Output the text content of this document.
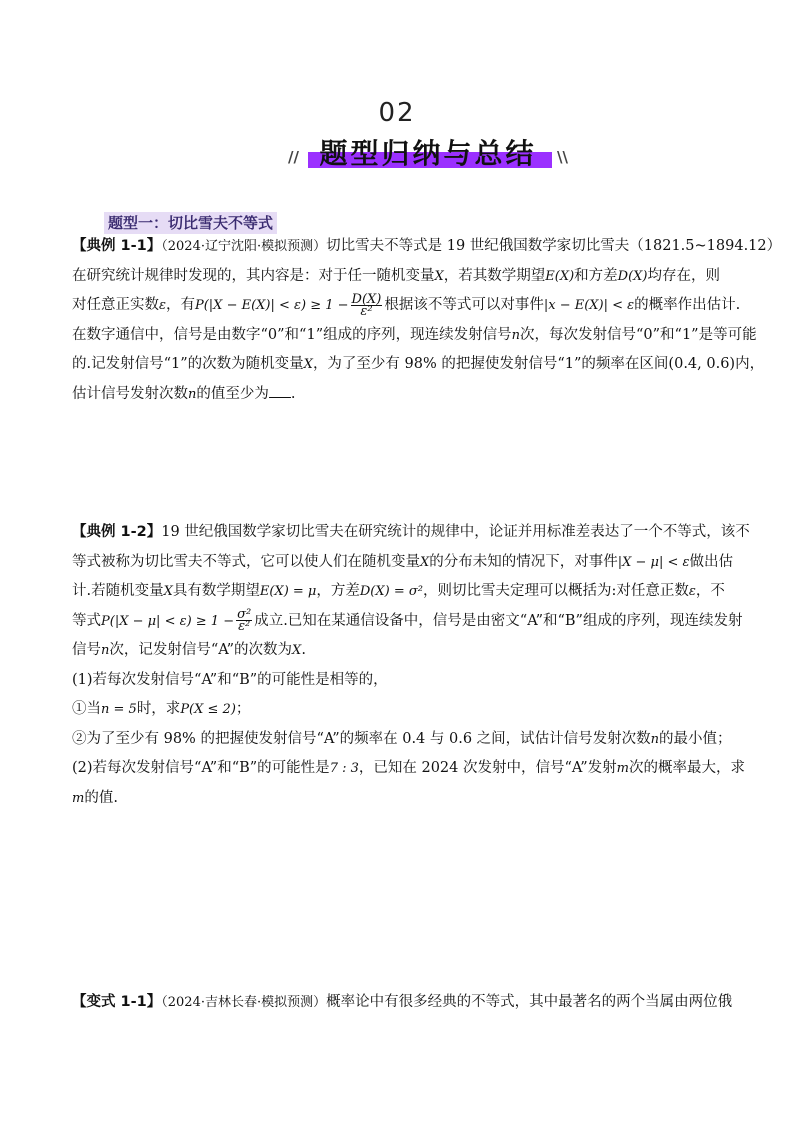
02
// 题型归纳与总结	\\
题型一：切比雪夫不等式

【典例 1-1】（2024·辽宁沈阳·模拟预测）切比雪夫不等式是 19 世纪俄国数学家切比雪夫（1821.5~1894.12）

在研究统计规律时发现的，其内容是：对于任一随机变量X，若其数学期望E(X)和方差D(X)均存在，则

对任意正实数ε，有$P(|X - E(X)| < \varepsilon) \ge 1 - \frac{D(X)}{\text{ε²}}$ 根据该不等式可以对事件|x − E(X)| < ε的概率作出估计.

在数字通信中，信号是由数字“0”和“1”组成的序列，现连续发射信号n次，每次发射信号“0”和“1”是等可能

的.记发射信号“1”的次数为随机变量X，为了至少有 98% 的把握使发射信号“1”的频率在区间(0.4, 0.6)内，

估计信号发射次数n的值至少为 .

【典例 1-2】19 世纪俄国数学家切比雪夫在研究统计的规律中，论证并用标准差表达了一个不等式，该不

等式被称为切比雪夫不等式，它可以使人们在随机变量X的分布未知的情况下，对事件|X − μ| < ε做出估

计.若随机变量X具有数学期望E(X) = μ，方差D(X) = σ²，则切比雪夫定理可以概括为:对任意正数ε，不

等式$P(|X - \mu| < \varepsilon) \ge 1 - \frac{\text{σ²}}{\text{ε²}}$ 成立.已知在某通信设备中，信号是由密文“A”和“B”组成的序列，现连续发射

信号n次，记发射信号“A”的次数为X.

(1)若每次发射信号“A”和“B”的可能性是相等的，

①当n = 5时，求P(X ≤ 2)；

②为了至少有 98% 的把握使发射信号“A”的频率在 0.4 与 0.6 之间，试估计信号发射次数n的最小值；

(2)若每次发射信号“A”和“B”的可能性是7 : 3，已知在 2024 次发射中，信号“A”发射m次的概率最大，求

m的值.

【变式 1-1】（2024·吉林长春·模拟预测）概率论中有很多经典的不等式，其中最著名的两个当属由两位俄
